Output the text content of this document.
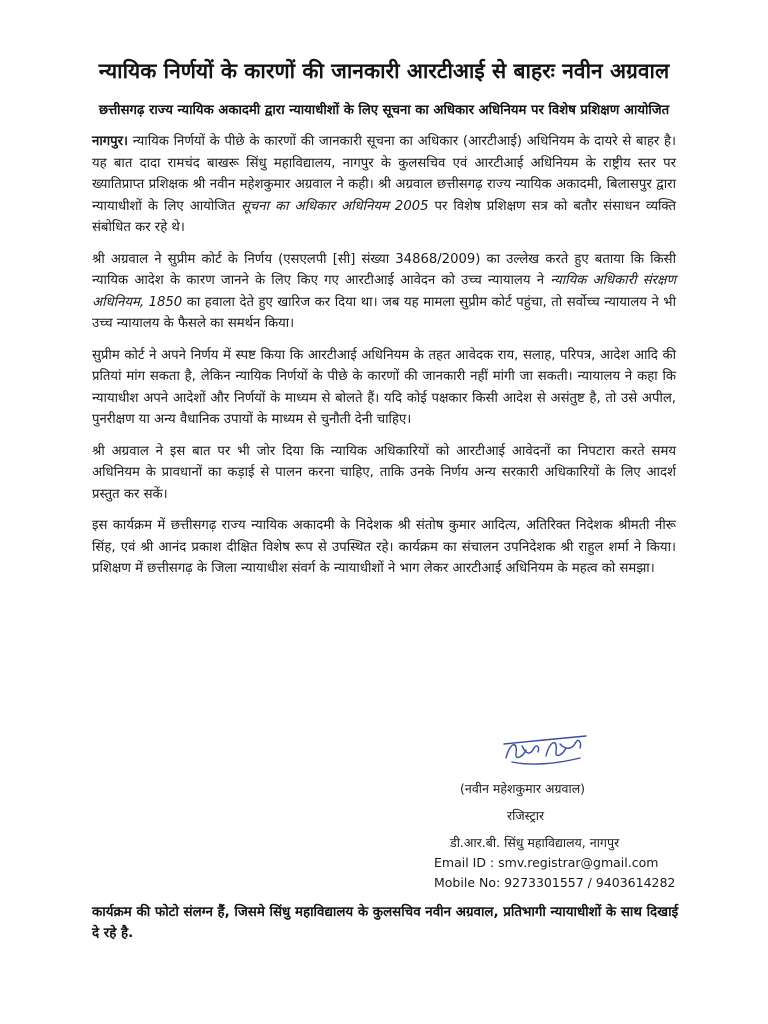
न्यायिक निर्णयों के कारणों की जानकारी आरटीआई से बाहरः नवीन अग्रवाल
छत्तीसगढ़ राज्य न्यायिक अकादमी द्वारा न्यायाधीशों के लिए सूचना का अधिकार अधिनियम पर विशेष प्रशिक्षण आयोजित

नागपुर। न्यायिक निर्णयों के पीछे के कारणों की जानकारी सूचना का अधिकार (आरटीआई) अधिनियम के दायरे से बाहर है। यह बात दादा रामचंद बाखरू सिंधु महाविद्यालय, नागपुर के कुलसचिव एवं आरटीआई अधिनियम के राष्ट्रीय स्तर पर ख्यातिप्राप्त प्रशिक्षक श्री नवीन महेशकुमार अग्रवाल ने कही। श्री अग्रवाल छत्तीसगढ़ राज्य न्यायिक अकादमी, बिलासपुर द्वारा न्यायाधीशों के लिए आयोजित सूचना का अधिकार अधिनियम 2005 पर विशेष प्रशिक्षण सत्र को बतौर संसाधन व्यक्ति संबोधित कर रहे थे।

श्री अग्रवाल ने सुप्रीम कोर्ट के निर्णय (एसएलपी [सी] संख्या 34868/2009) का उल्लेख करते हुए बताया कि किसी न्यायिक आदेश के कारण जानने के लिए किए गए आरटीआई आवेदन को उच्च न्यायालय ने न्यायिक अधिकारी संरक्षण अधिनियम, 1850 का हवाला देते हुए खारिज कर दिया था। जब यह मामला सुप्रीम कोर्ट पहुंचा, तो सर्वोच्च न्यायालय ने भी उच्च न्यायालय के फैसले का समर्थन किया।

सुप्रीम कोर्ट ने अपने निर्णय में स्पष्ट किया कि आरटीआई अधिनियम के तहत आवेदक राय, सलाह, परिपत्र, आदेश आदि की प्रतियां मांग सकता है, लेकिन न्यायिक निर्णयों के पीछे के कारणों की जानकारी नहीं मांगी जा सकती। न्यायालय ने कहा कि न्यायाधीश अपने आदेशों और निर्णयों के माध्यम से बोलते हैं। यदि कोई पक्षकार किसी आदेश से असंतुष्ट है, तो उसे अपील, पुनरीक्षण या अन्य वैधानिक उपायों के माध्यम से चुनौती देनी चाहिए।

श्री अग्रवाल ने इस बात पर भी जोर दिया कि न्यायिक अधिकारियों को आरटीआई आवेदनों का निपटारा करते समय अधिनियम के प्रावधानों का कड़ाई से पालन करना चाहिए, ताकि उनके निर्णय अन्य सरकारी अधिकारियों के लिए आदर्श प्रस्तुत कर सकें।

इस कार्यक्रम में छत्तीसगढ़ राज्य न्यायिक अकादमी के निदेशक श्री संतोष कुमार आदित्य, अतिरिक्त निदेशक श्रीमती नीरू सिंह, एवं श्री आनंद प्रकाश दीक्षित विशेष रूप से उपस्थित रहे। कार्यक्रम का संचालन उपनिदेशक श्री राहुल शर्मा ने किया। प्रशिक्षण में छत्तीसगढ़ के जिला न्यायाधीश संवर्ग के न्यायाधीशों ने भाग लेकर आरटीआई अधिनियम के महत्व को समझा।

(नवीन महेशकुमार अग्रवाल)
रजिस्ट्रार
डी.आर.बी. सिंधु महाविद्यालय, नागपुर
Email ID : smv.registrar@gmail.com
Mobile No: 9273301557 / 9403614282

कार्यक्रम की फोटो संलग्न हैं, जिसमे सिंधु महाविद्यालय के कुलसचिव नवीन अग्रवाल, प्रतिभागी न्यायाधीशों के साथ दिखाई दे रहे है.
